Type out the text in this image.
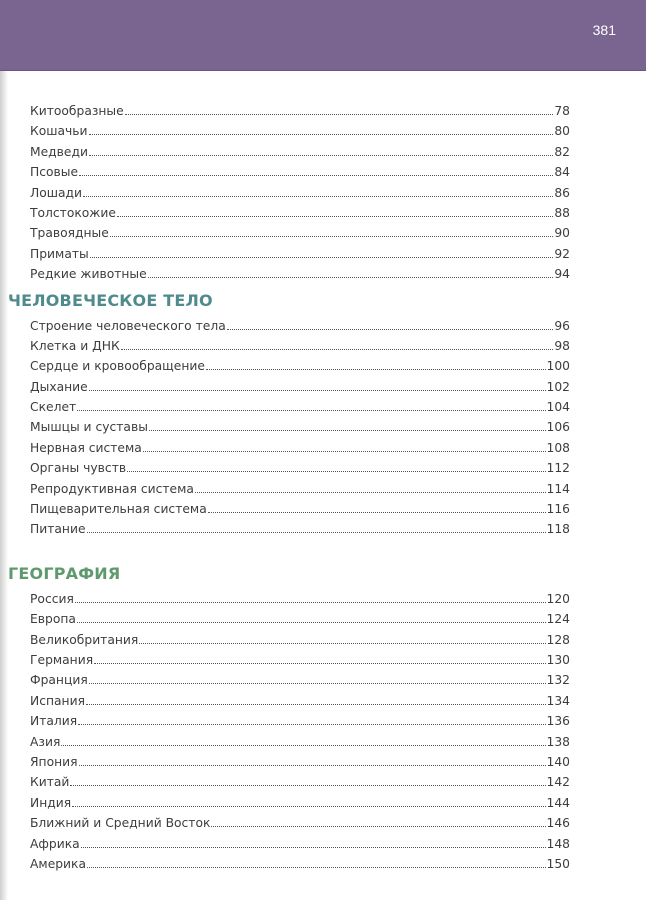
381
Китообразные	78
Кошачьи	80
Медведи	82
Псовые	84
Лошади	86
Толстокожие	88
Травоядные	90
Приматы	92
Редкие животные	94
ЧЕЛОВЕЧЕСКОЕ ТЕЛО
Строение человеческого тела	96
Клетка и ДНК	98
Сердце и кровообращение	100
Дыхание	102
Скелет	104
Мышцы и суставы	106
Нервная система	108
Органы чувств	112
Репродуктивная система	114
Пищеварительная система	116
Питание	118
ГЕОГРАФИЯ
Россия	120
Европа	124
Великобритания	128
Германия	130
Франция	132
Испания	134
Италия	136
Азия	138
Япония	140
Китай	142
Индия	144
Ближний и Средний Восток	146
Африка	148
Америка	150
